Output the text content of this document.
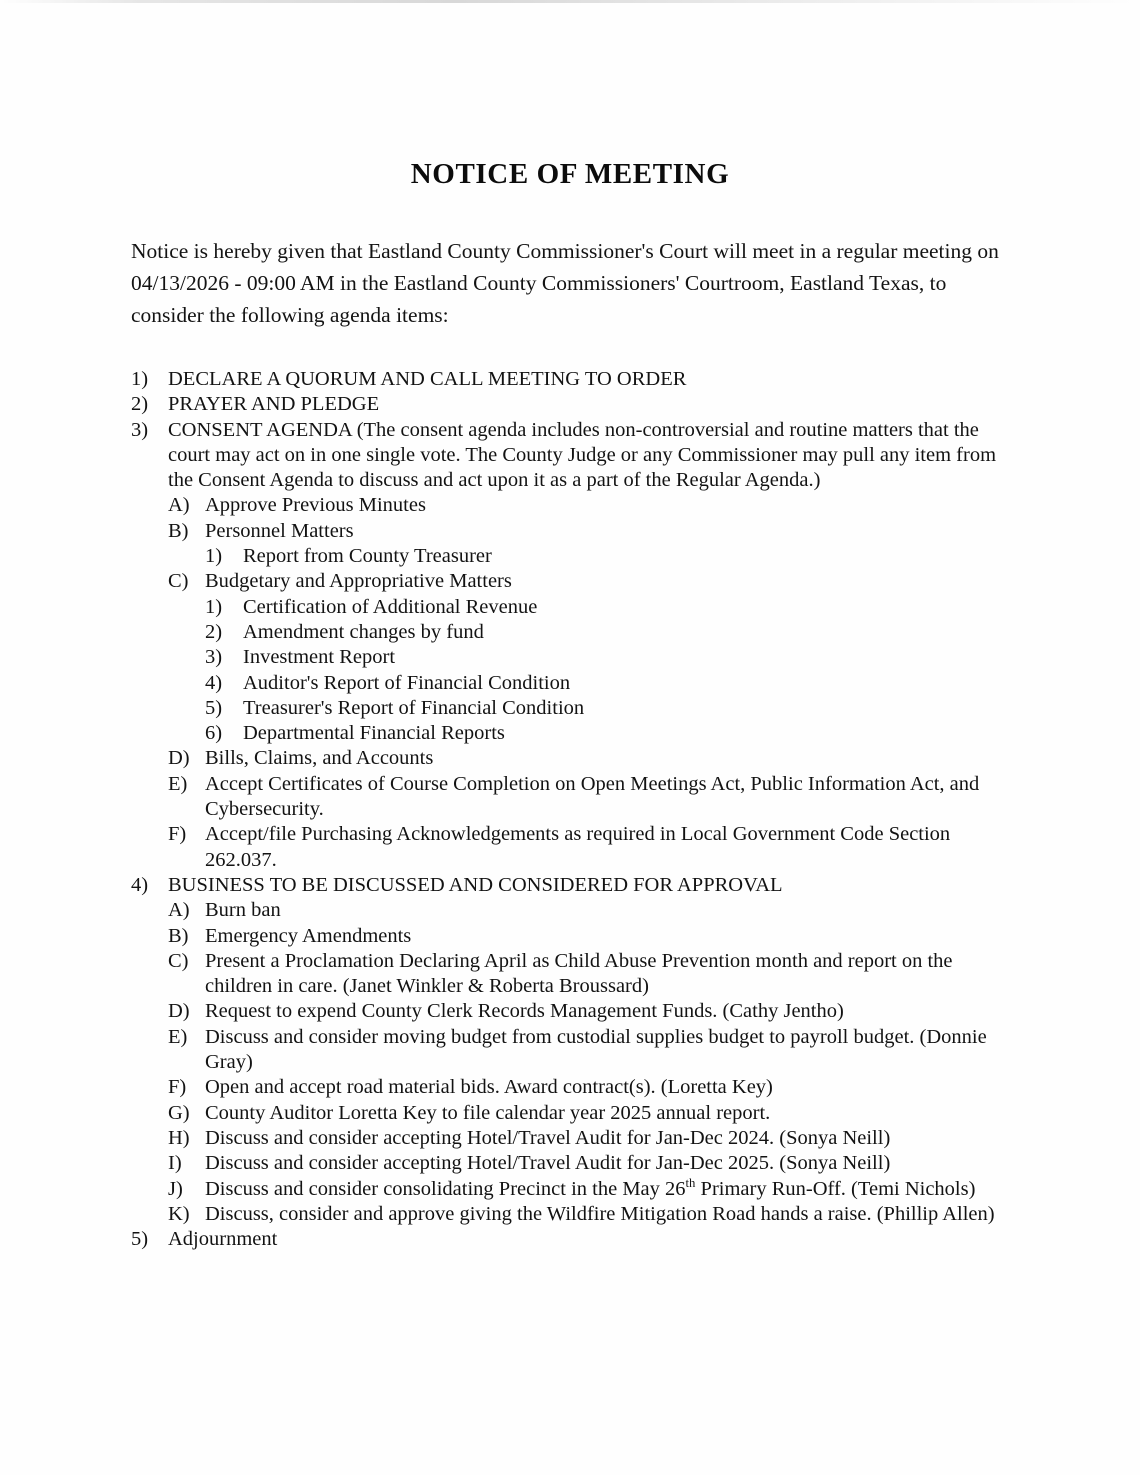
NOTICE OF MEETING

Notice is hereby given that Eastland County Commissioner's Court will meet in a regular meeting on 04/13/2026 - 09:00 AM in the Eastland County Commissioners' Courtroom, Eastland Texas, to consider the following agenda items:

1) DECLARE A QUORUM AND CALL MEETING TO ORDER
2) PRAYER AND PLEDGE
3) CONSENT AGENDA (The consent agenda includes non-controversial and routine matters that the court may act on in one single vote. The County Judge or any Commissioner may pull any item from the Consent Agenda to discuss and act upon it as a part of the Regular Agenda.)
A) Approve Previous Minutes
B) Personnel Matters
1)	Report from County Treasurer
C) Budgetary and Appropriative Matters
1)	Certification of Additional Revenue
2)	Amendment changes by fund
3)	Investment Report
4)	Auditor's Report of Financial Condition
5)	Treasurer's Report of Financial Condition
6)	Departmental Financial Reports
D) Bills, Claims, and Accounts
E) Accept Certificates of Course Completion on Open Meetings Act, Public Information Act, and Cybersecurity.
F) Accept/file Purchasing Acknowledgements as required in Local Government Code Section 262.037.
4) BUSINESS TO BE DISCUSSED AND CONSIDERED FOR APPROVAL
A) Burn ban
B) Emergency Amendments
C) Present a Proclamation Declaring April as Child Abuse Prevention month and report on the children in care. (Janet Winkler & Roberta Broussard)
D) Request to expend County Clerk Records Management Funds. (Cathy Jentho)
E) Discuss and consider moving budget from custodial supplies budget to payroll budget. (Donnie Gray)
F) Open and accept road material bids. Award contract(s). (Loretta Key)
G) County Auditor Loretta Key to file calendar year 2025 annual report.
H) Discuss and consider accepting Hotel/Travel Audit for Jan-Dec 2024. (Sonya Neill)
I)	Discuss and consider accepting Hotel/Travel Audit for Jan-Dec 2025. (Sonya Neill)
J)	Discuss and consider consolidating Precinct in the May 26th Primary Run-Off. (Temi Nichols)
K) Discuss, consider and approve giving the Wildfire Mitigation Road hands a raise. (Phillip Allen)
5) Adjournment
